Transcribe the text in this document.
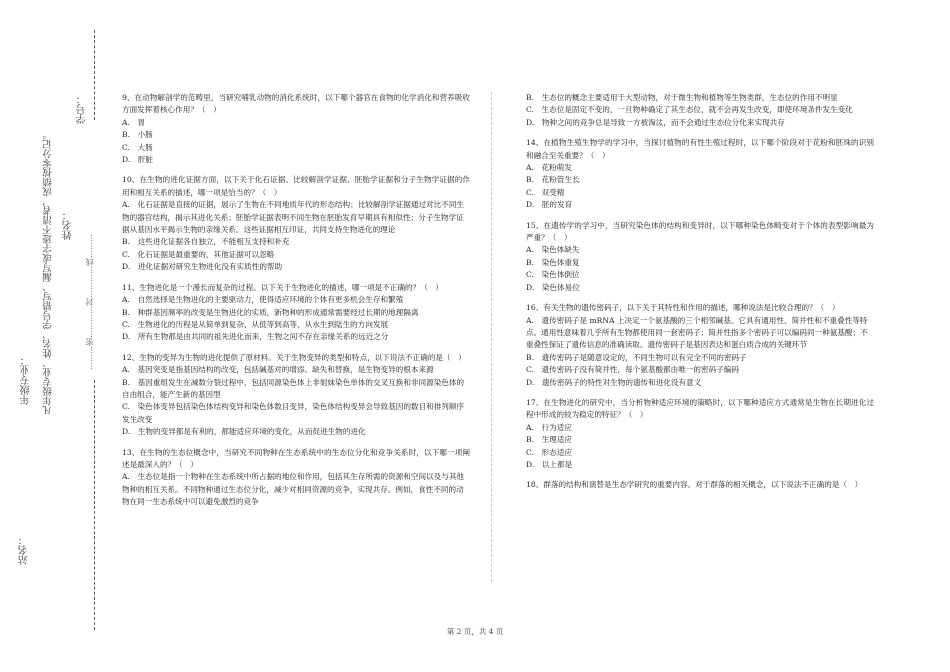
学号：
姓名：
年级专业：
站名：
凡年级专业、姓名、学号错写、漏写或字迹不清者，成绩按零分记。	………密…………封…………线………

9、在动物解剖学的范畴里，当研究哺乳动物的消化系统时，以下哪个器官在食物的化学消化和营养吸收方面发挥着核心作用？（　）

A.　胃

B.　小肠

C.　大肠

D.　肝脏

10、在生物的进化证据方面，以下关于化石证据、比较解剖学证据、胚胎学证据和分子生物学证据的作用和相互关系的描述，哪一项是恰当的？（　）

A.　化石证据是直接的证据，展示了生物在不同地质年代的形态结构；比较解剖学证据通过对比不同生物的器官结构，揭示其进化关系；胚胎学证据表明不同生物在胚胎发育早期具有相似性；分子生物学证据从基因水平揭示生物的亲缘关系。这些证据相互印证，共同支持生物进化的理论

B.　这些进化证据各自独立，不能相互支持和补充

C.　化石证据是最重要的，其他证据可以忽略

D.　进化证据对研究生物进化没有实质性的帮助

11、生物进化是一个漫长而复杂的过程。以下关于生物进化的描述，哪一项是不正确的？（　）

A.　自然选择是生物进化的主要驱动力，使得适应环境的个体有更多机会生存和繁殖

B.　种群基因频率的改变是生物进化的实质，新物种的形成通常需要经过长期的地理隔离

C.　生物进化的历程是从简单到复杂、从低等到高等、从水生到陆生的方向发展

D.　所有生物都是由共同的祖先进化而来，生物之间不存在亲缘关系的远近之分

12、生物的变异为生物的进化提供了原材料。关于生物变异的类型和特点，以下说法不正确的是（　）

A.　基因突变是指基因结构的改变，包括碱基对的增添、缺失和替换，是生物变异的根本来源

B.　基因重组发生在减数分裂过程中，包括同源染色体上非姐妹染色单体的交叉互换和非同源染色体的自由组合，能产生新的基因型

C.　染色体变异包括染色体结构变异和染色体数目变异，染色体结构变异会导致基因的数目和排列顺序发生改变

D.　生物的变异都是有利的，都能适应环境的变化，从而促进生物的进化

13、在生物的生态位概念中，当研究不同物种在生态系统中的生态位分化和竞争关系时，以下哪一项阐述是最深入的？（　）

A.　生态位是指一个物种在生态系统中所占据的地位和作用，包括其生存所需的资源和空间以及与其他物种的相互关系。不同物种通过生态位分化，减少对相同资源的竞争，实现共存。例如，食性不同的动物在同一生态系统中可以避免激烈的竞争

B.　生态位的概念主要适用于大型动物，对于微生物和植物等生物类群，生态位的作用不明显

C.　生态位是固定不变的，一旦物种确定了其生态位，就不会再发生改变，即使环境条件发生变化

D.　物种之间的竞争总是导致一方被淘汰，而不会通过生态位分化来实现共存

14、在植物生殖生物学的学习中，当探讨植物的有性生殖过程时，以下哪个阶段对于花粉和胚珠的识别和融合至关重要？（　）

A.　花粉萌发

B.　花粉管生长

C.　双受精

D.　胚的发育

15、在遗传学的学习中，当研究染色体的结构和变异时，以下哪种染色体畸变对于个体的表型影响最为严重？（　）

A.　染色体缺失

B.　染色体重复

C.　染色体倒位

D.　染色体易位

16、有关生物的遗传密码子，以下关于其特性和作用的描述，哪种说法是比较合理的？（　）

A.　遗传密码子是 mRNA 上决定一个氨基酸的三个相邻碱基。它具有通用性、简并性和不重叠性等特点。通用性意味着几乎所有生物都使用同一套密码子；简并性指多个密码子可以编码同一种氨基酸；不重叠性保证了遗传信息的准确读取。遗传密码子是基因表达和蛋白质合成的关键环节

B.　遗传密码子是随意设定的，不同生物可以有完全不同的密码子

C.　遗传密码子没有简并性，每个氨基酸都由唯一的密码子编码

D.　遗传密码子的特性对生物的遗传和进化没有意义

17、在生物进化的研究中，当分析物种适应环境的策略时，以下哪种适应方式通常是生物在长期进化过程中形成的较为稳定的特征？（　）

A.　行为适应

B.　生理适应

C.　形态适应

D.　以上都是

18、群落的结构和演替是生态学研究的重要内容。对于群落的相关概念，以下说法不正确的是（　）

第 2 页，共 4 页
